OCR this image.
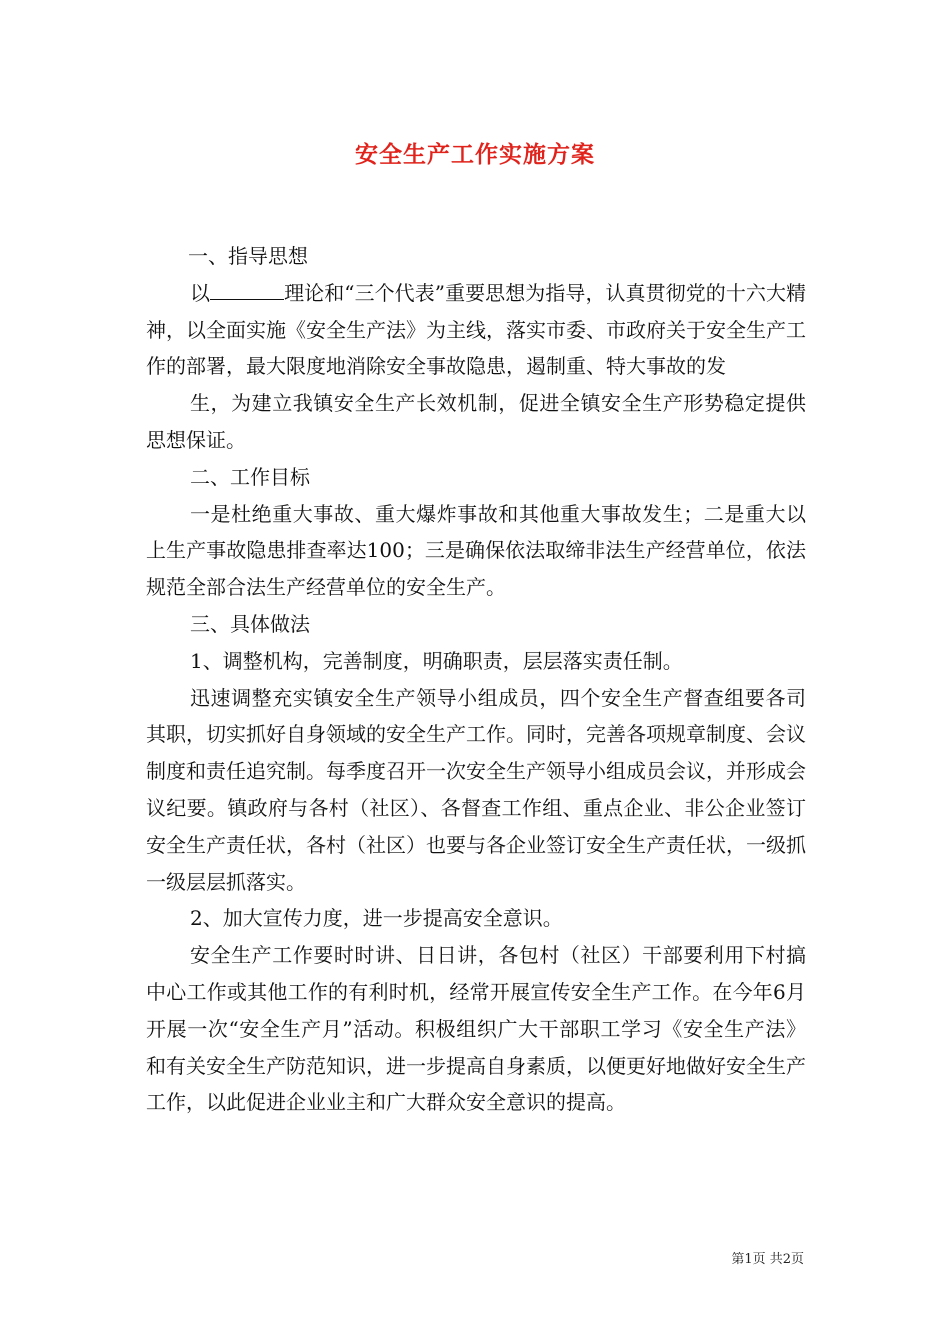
安全生产工作实施方案

一、指导思想

以	理论和“三个代表”重要思想为指导，认真贯彻党的十六大精神，以全面实施《安全生产法》为主线，落实市委、市政府关于安全生产工作的部署，最大限度地消除安全事故隐患，遏制重、特大事故的发

生，为建立我镇安全生产长效机制，促进全镇安全生产形势稳定提供思想保证。

二、工作目标

一是杜绝重大事故、重大爆炸事故和其他重大事故发生；二是重大以上生产事故隐患排查率达100；三是确保依法取缔非法生产经营单位，依法规范全部合法生产经营单位的安全生产。

三、具体做法

1、调整机构，完善制度，明确职责，层层落实责任制。

迅速调整充实镇安全生产领导小组成员，四个安全生产督查组要各司其职，切实抓好自身领域的安全生产工作。同时，完善各项规章制度、会议制度和责任追究制。每季度召开一次安全生产领导小组成员会议，并形成会议纪要。镇政府与各村（社区）、各督查工作组、重点企业、非公企业签订安全生产责任状，各村（社区）也要与各企业签订安全生产责任状，一级抓一级层层抓落实。

2、加大宣传力度，进一步提高安全意识。

安全生产工作要时时讲、日日讲，各包村（社区）干部要利用下村搞中心工作或其他工作的有利时机，经常开展宣传安全生产工作。在今年6月开展一次“安全生产月”活动。积极组织广大干部职工学习《安全生产法》和有关安全生产防范知识，进一步提高自身素质，以便更好地做好安全生产工作，以此促进企业业主和广大群众安全意识的提高。

第1页 共2页
